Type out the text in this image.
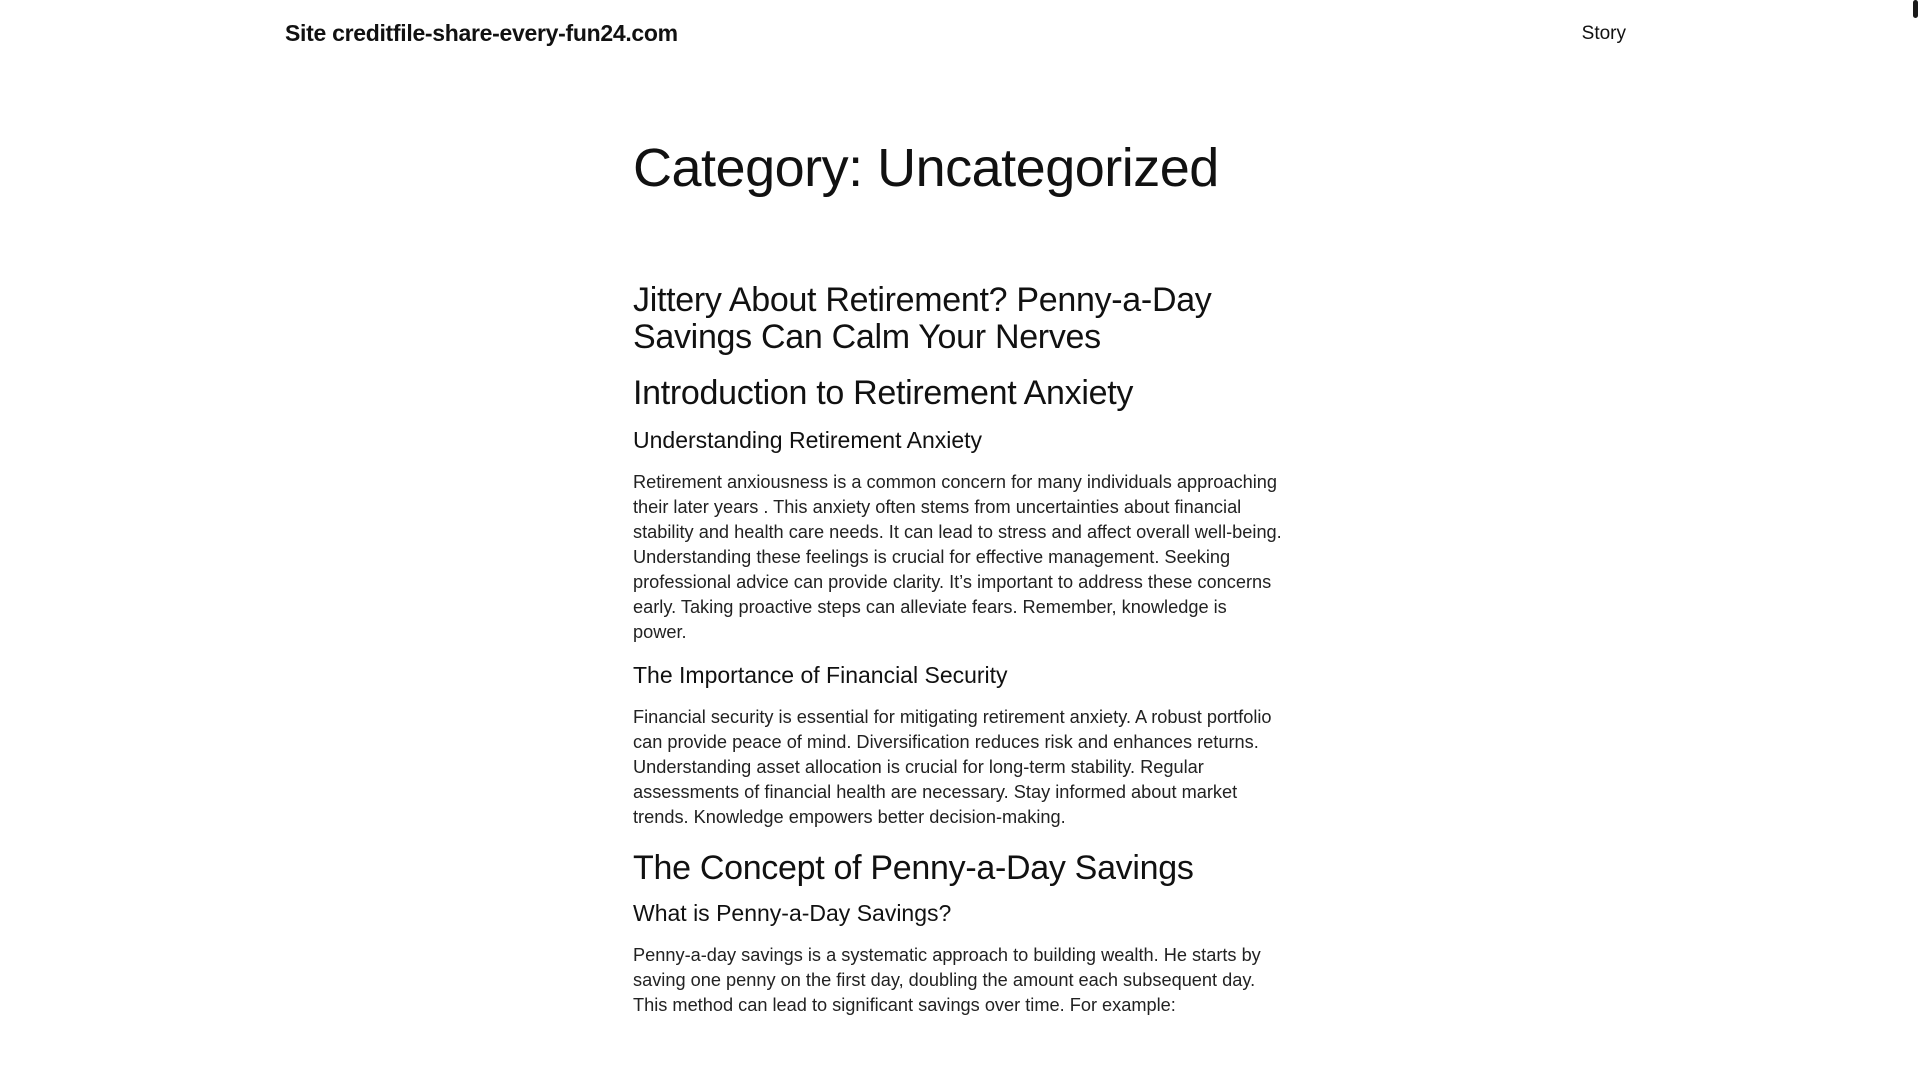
Site creditfile-share-every-fun24.com	Story
Category: Uncategorized
Jittery About Retirement? Penny-a-Day Savings Can Calm Your Nerves
Introduction to Retirement Anxiety
Understanding Retirement Anxiety

Retirement anxiousness is a common concern for many individuals approaching their later years . This anxiety often stems from uncertainties about financial stability and health care needs. It can lead to stress and affect overall well-being. Understanding these feelings is crucial for effective management. Seeking professional advice can provide clarity. It’s important to address these concerns early. Taking proactive steps can alleviate fears. Remember, knowledge is power.

The Importance of Financial Security

Financial security is essential for mitigating retirement anxiety. A robust portfolio can provide peace of mind. Diversification reduces risk and enhances returns. Understanding asset allocation is crucial for long-term stability. Regular assessments of financial health are necessary. Stay informed about market trends. Knowledge empowers better decision-making.

The Concept of Penny-a-Day Savings
What is Penny-a-Day Savings?

Penny-a-day savings is a systematic approach to building wealth. He starts by saving one penny on the first day, doubling the amount each subsequent day. This method can lead to significant savings over time. For example:
